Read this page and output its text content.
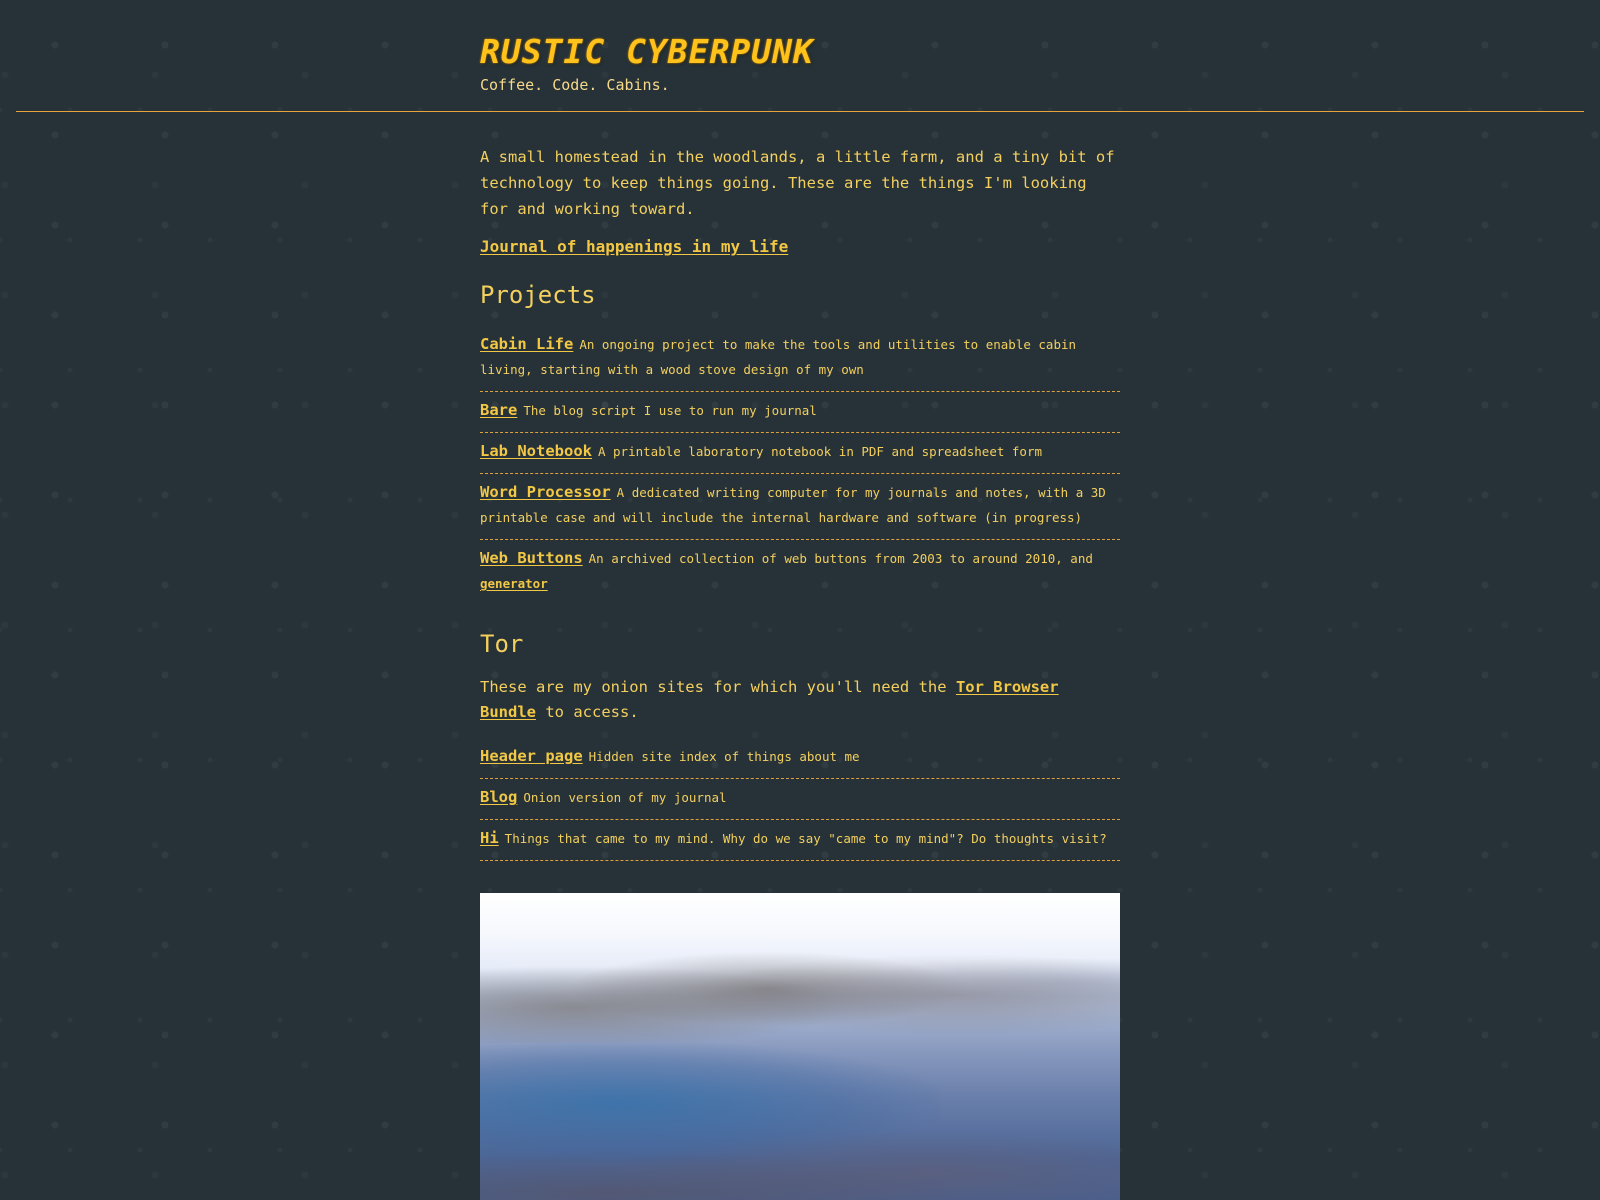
RUSTIC CYBERPUNK

Coffee. Code. Cabins.

A small homestead in the woodlands, a little farm, and a tiny bit of technology to keep things going. These are the things I'm looking for and working toward.

Journal of happenings in my life
Projects
Cabin Life An ongoing project to make the tools and utilities to enable cabin living, starting with a wood stove design of my own
Bare The blog script I use to run my journal
Lab Notebook A printable laboratory notebook in PDF and spreadsheet form
Word Processor A dedicated writing computer for my journals and notes, with a 3D printable case and will include the internal hardware and software (in progress)
Web Buttons An archived collection of web buttons from 2003 to around 2010, and generator
Tor

These are my onion sites for which you'll need the Tor Browser Bundle to access.

Header page Hidden site index of things about me
Blog Onion version of my journal
Hi Things that came to my mind. Why do we say "came to my mind"? Do thoughts visit?
